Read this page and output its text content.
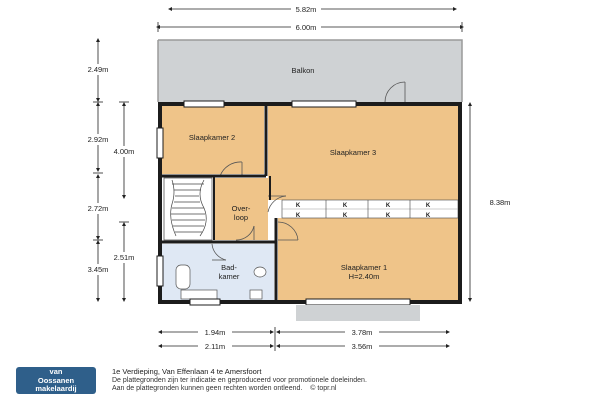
5.82m
6.00m
2.49m
2.92m
4.00m
2.72m
2.51m
3.45m
8.38m
1.94m	3.78m
2.11m	3.56m
Balkon
K	K	K	K
K	K	K	K
Slaapkamer 2
Slaapkamer 3
Over-
loop
Bad-
kamer
Slaapkamer 1
H=2.40m
van
Oossanen
makelaardij
1e Verdieping, Van Effenlaan 4 te Amersfoort
De plattegronden zijn ter indicatie en geproduceerd voor promotionele doeleinden.
Aan de plattegronden kunnen geen rechten worden ontleend. © topr.nl
